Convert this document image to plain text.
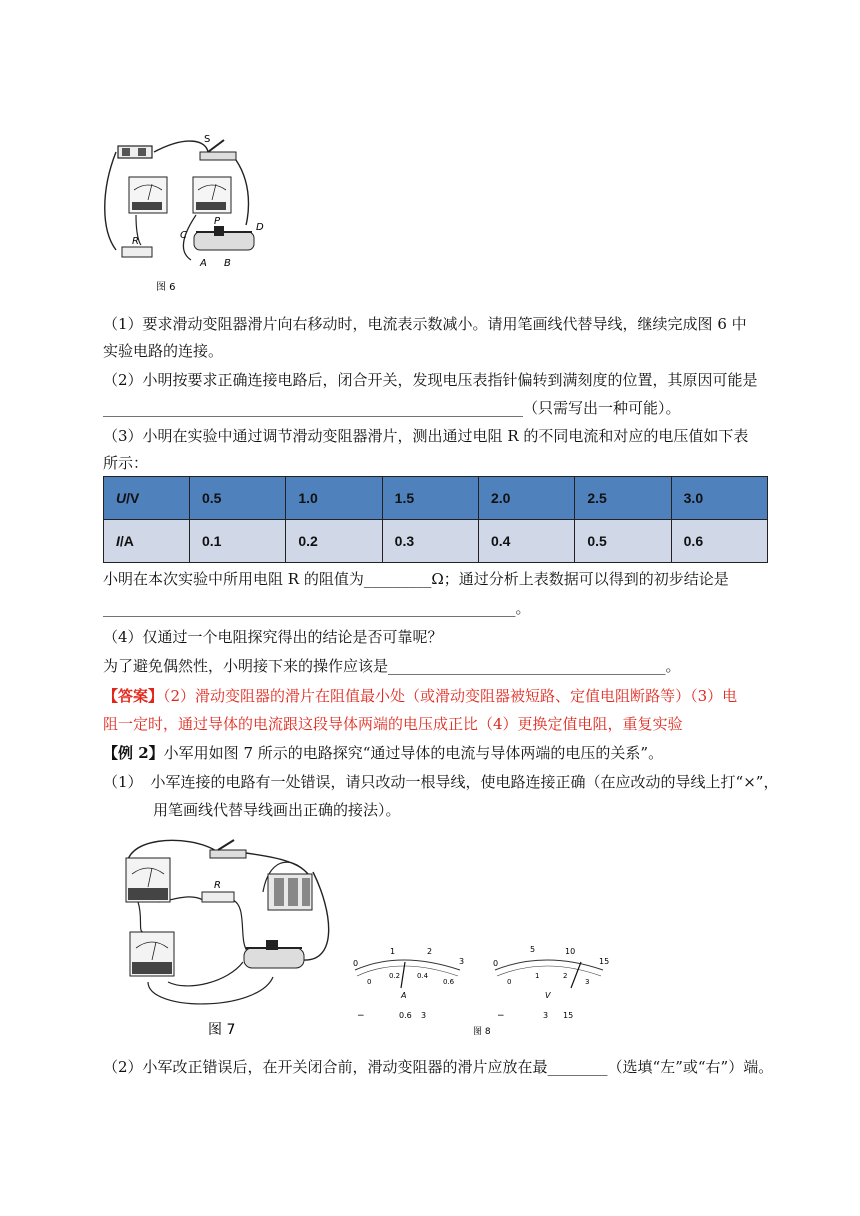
S
R
P
C
D
A B
图 6
（1）要求滑动变阻器滑片向右移动时，电流表示数减小。请用笔画线代替导线，继续完成图 6 中
实验电路的连接。
（2）小明按要求正确连接电路后，闭合开关，发现电压表指针偏转到满刻度的位置，其原因可能是
________________________________________________________（只需写出一种可能）。
（3）小明在实验中通过调节滑动变阻器滑片，测出通过电阻 R 的不同电流和对应的电压值如下表
所示：
U/V	0.5	1.0	1.5	2.0	2.5	3.0
I/A	0.1	0.2	0.3	0.4	0.5	0.6
小明在本次实验中所用电阻 R 的阻值为_________Ω；通过分析上表数据可以得到的初步结论是
_______________________________________________________。
（4）仅通过一个电阻探究得出的结论是否可靠呢？
为了避免偶然性，小明接下来的操作应该是_____________________________________。
【答案】（2）滑动变阻器的滑片在阻值最小处（或滑动变阻器被短路、定值电阻断路等）（3）电
阻一定时，通过导体的电流跟这段导体两端的电压成正比（4）更换定值电阻，重复实验
【例 2】小军用如图 7 所示的电路探究“通过导体的电流与导体两端的电压的关系”。
（1） 小军连接的电路有一处错误，请只改动一根导线，使电路连接正确（在应改动的导线上打“×”，
用笔画线代替导线画出正确的接法）。
R
图 7
0
1	2
3
0
0.2 0.4
0.6
A
−	0.6 3
0
5	10
15
0
1	2
3
V
−	3 15
图 8
（2）小军改正错误后，在开关闭合前，滑动变阻器的滑片应放在最________（选填“左”或“右”）端。
